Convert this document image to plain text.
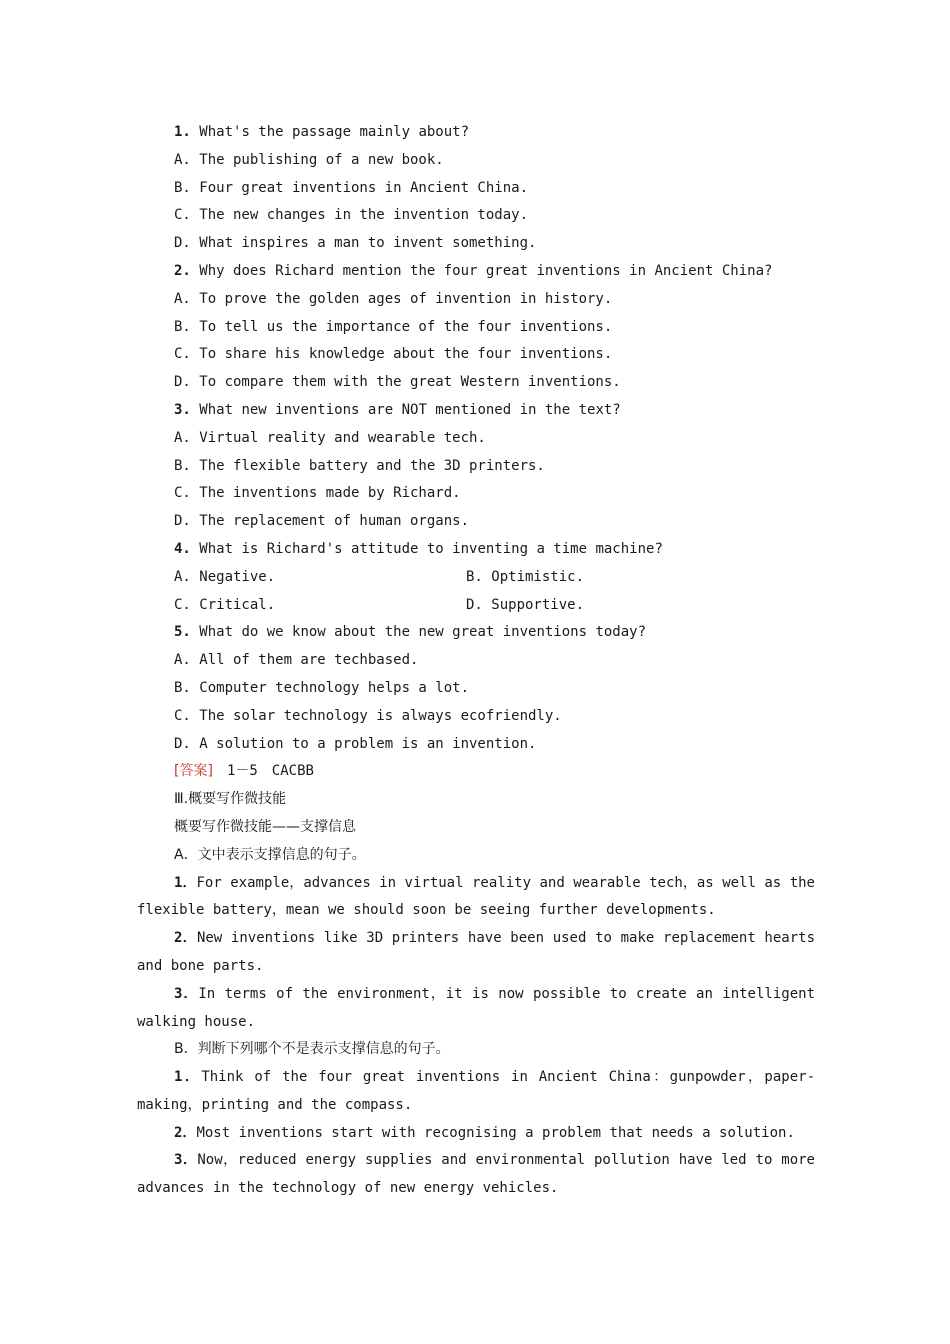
1. What's the passage mainly about?
A. The publishing of a new book.
B. Four great inventions in Ancient China.
C. The new changes in the invention today.
D. What inspires a man to invent something.
2. Why does Richard mention the four great inventions in Ancient China?
A. To prove the golden ages of invention in history.
B. To tell us the importance of the four inventions.
C. To share his knowledge about the four inventions.
D. To compare them with the great Western inventions.
3. What new inventions are NOT mentioned in the text?
A. Virtual reality and wearable tech.
B. The flexible battery and the 3D printers.
C. The inventions made by Richard.
D. The replacement of human organs.
4. What is Richard's attitude to inventing a time machine?
A. Negative.	B. Optimistic.
C. Critical.	D. Supportive.
5. What do we know about the new great inventions today?
A. All of them are techbased.
B. Computer technology helps a lot.
C. The solar technology is always ecofriendly.
D. A solution to a problem is an invention.
[答案]　 1－5　CACBB
Ⅲ.概要写作微技能
概要写作微技能——支撑信息
A．文中表示支撑信息的句子。
1．For example，advances in virtual reality and wearable tech，as well as the flexible battery，mean we should soon be seeing further developments.
2．New inventions like 3D printers have been used to make replacement hearts and bone parts.
3．In terms of the environment，it is now possible to create an intelligent walking house.
B．判断下列哪个不是表示支撑信息的句子。
1．Think of the four great inventions in Ancient China：gunpowder，paper-making，printing and the compass.
2．Most inventions start with recognising a problem that needs a solution.
3．Now，reduced energy supplies and environmental pollution have led to more advances in the technology of new energy vehicles.
